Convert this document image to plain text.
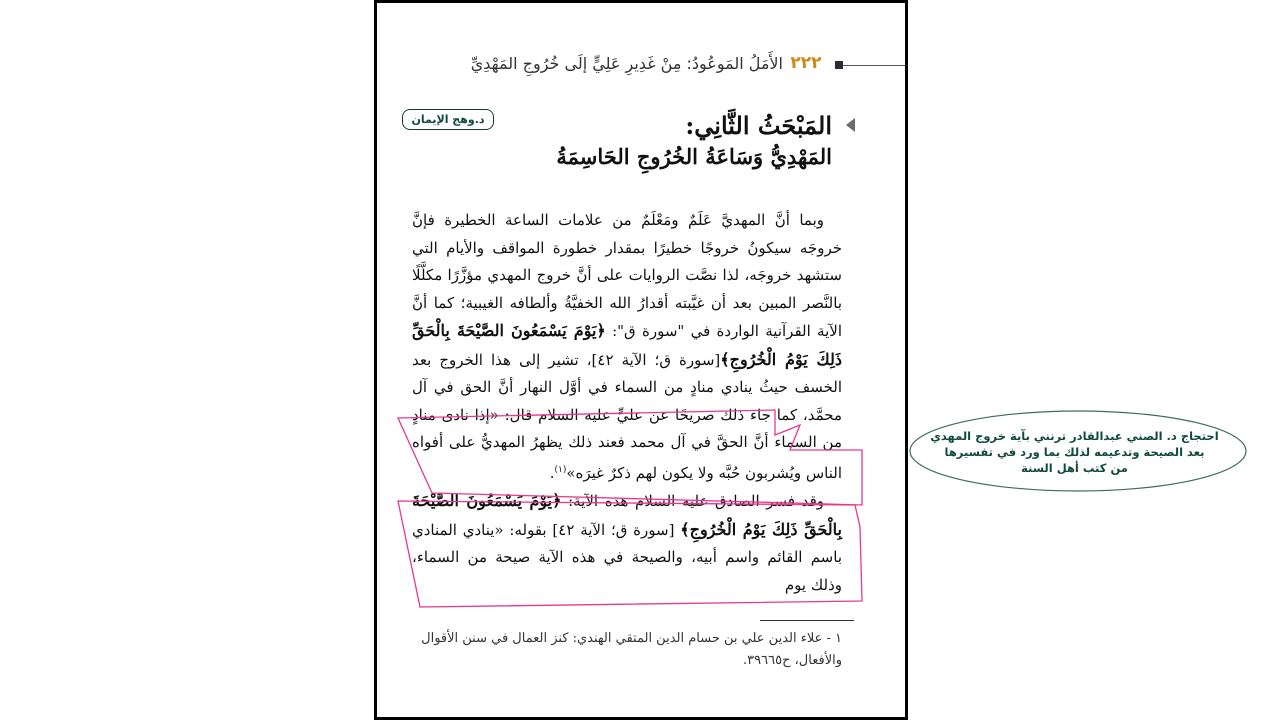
٢٢٢
الأَمَلُ المَوعُودُ: مِنْ غَدِيرِ عَلِيٍّ إلَى خُرُوجِ المَهْدِيِّ
د.وهج الإيمان	المَبْحَثُ الثَّانِي:
المَهْدِيُّ وَسَاعَةُ الخُرُوجِ الحَاسِمَةُ

وبما أنَّ المهديَّ عَلَمٌ ومَعْلَمٌ من علامات الساعة الخطيرة فإنَّ خروجَه سيكونُ خروجًا خطيرًا بمقدار خطورة المواقف والأيام التي ستشهد خروجَه، لذا نصَّت الروايات على أنَّ خروج المهدي مؤزَّرًا مكلَّلًا بالنَّصر المبين بعد أن غيَّبته أقدارُ الله الخفيَّةُ وألطافه الغيبية؛ كما أنَّ الآية القرآنية الواردة في "سورة ق": ﴿يَوْمَ يَسْمَعُونَ الصَّيْحَةَ بِالْحَقِّ ذَلِكَ يَوْمُ الْخُرُوجِ﴾[سورة ق؛ الآية ٤٢]، تشير إلى هذا الخروج بعد الخسف حيثُ ينادي منادٍ من السماء في أوَّل النهار أنَّ الحق في آل محمَّد، كما جاء ذلك صريحًا عن عليٍّ عليه السلام قال: «إذا نادى منادٍ من السماء أنَّ الحقَّ في آل محمد فعند ذلك يظهرُ المهديُّ على أفواه الناس ويُشربون حُبَّه ولا يكون لهم ذكرٌ غيرَه»$^{(١)}$.

وقد فسر الصادق عليه السلام هذه الآية: ﴿يَوْمَ يَسْمَعُونَ الصَّيْحَةَ بِالْحَقِّ ذَلِكَ يَوْمُ الْخُرُوجِ﴾ [سورة ق؛ الآية ٤٢] بقوله: «ينادي المنادي باسم القائم واسم أبيه، والصيحة في هذه الآية صيحة من السماء، وذلك يوم

١ - علاء الدين علي بن حسام الدين المتقي الهندي: كنز العمال في سنن الأقوال
والأفعال، ح٣٩٦٦٥.
احتجاج د. الصني عبدالقادر ترنني بآية خروج المهدي
بعد الصيحة وتدعيمه لذلك بما ورد في تفسيرها
من كتب أهل السنة
